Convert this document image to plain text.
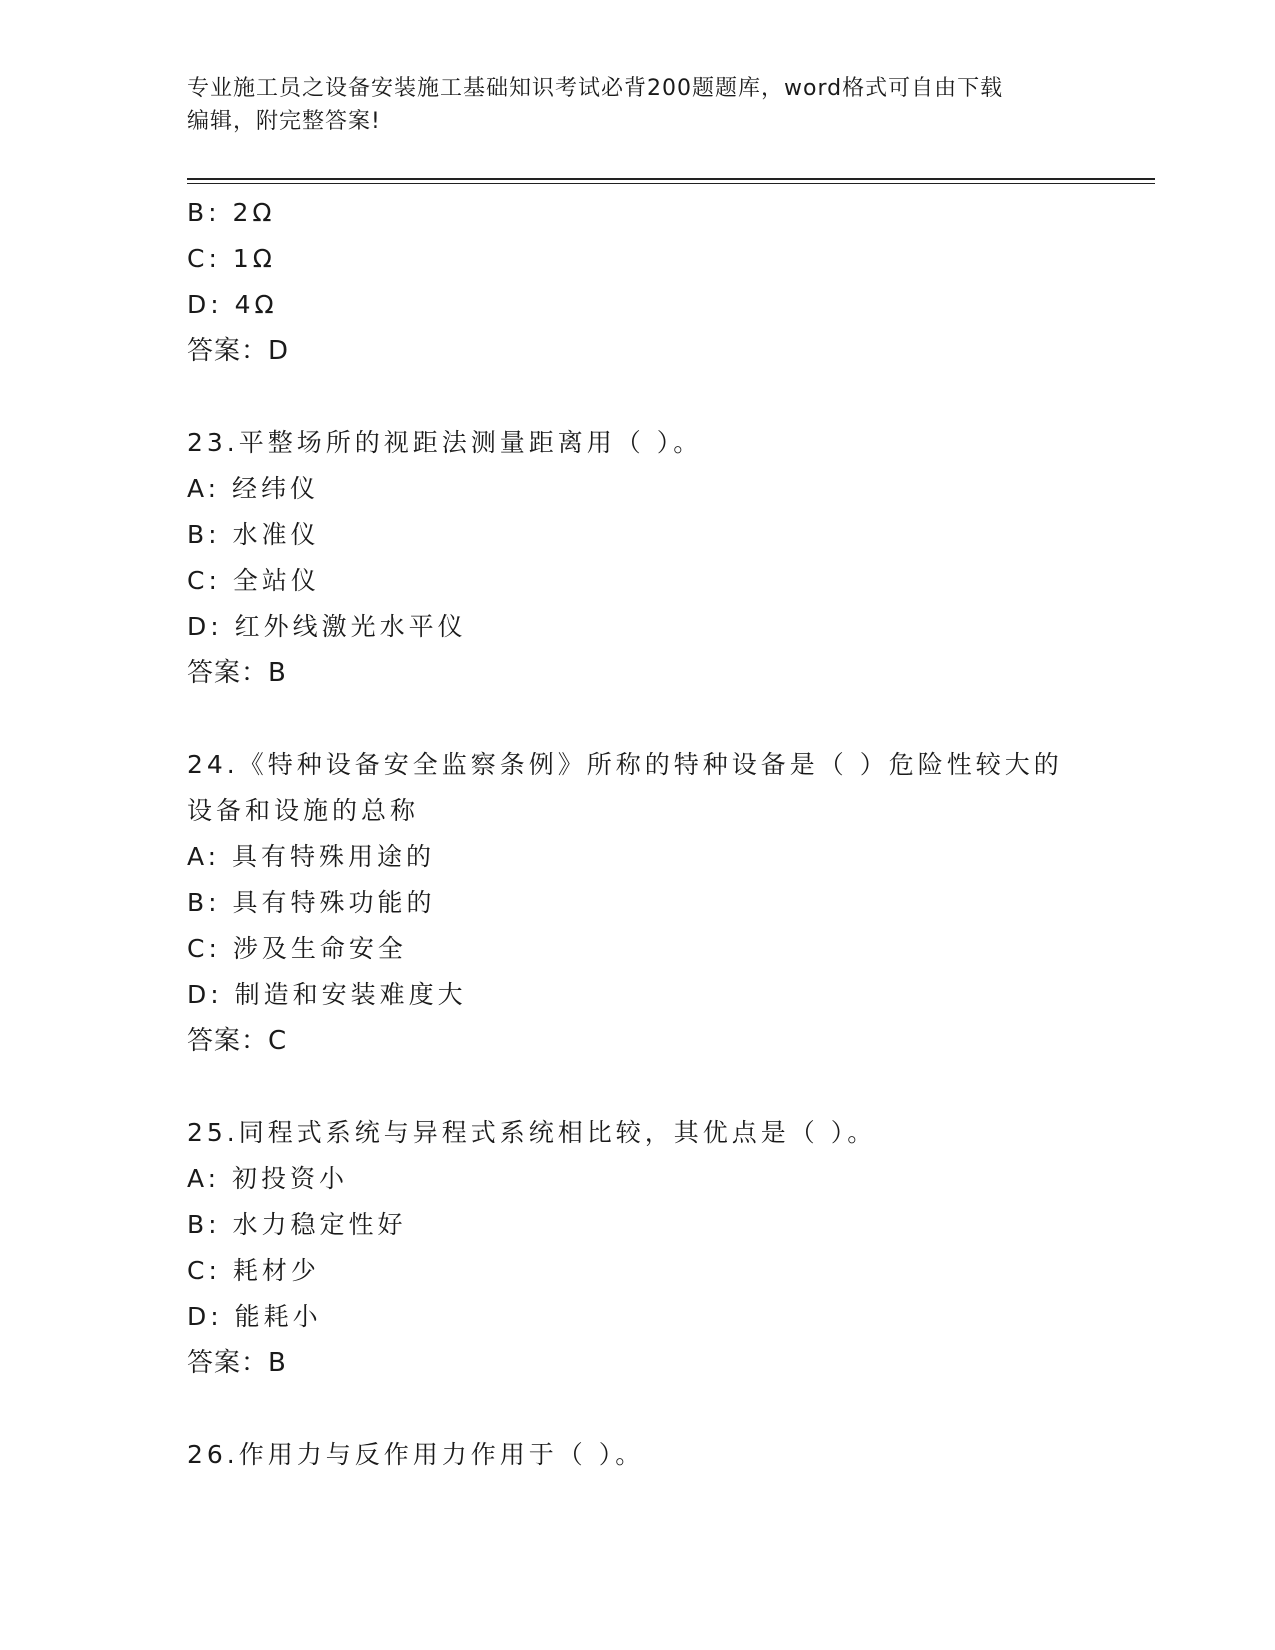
专业施工员之设备安装施工基础知识考试必背200题题库，word格式可自由下载
编辑，附完整答案!
B: 2Ω
C: 1Ω
D: 4Ω
答案：D
23.平整场所的视距法测量距离用（ ）。
A: 经纬仪
B: 水准仪
C: 全站仪
D: 红外线激光水平仪
答案：B
24.《特种设备安全监察条例》所称的特种设备是（ ）危险性较大的
设备和设施的总称
A: 具有特殊用途的
B: 具有特殊功能的
C: 涉及生命安全
D: 制造和安装难度大
答案：C
25.同程式系统与异程式系统相比较，其优点是（ ）。
A: 初投资小
B: 水力稳定性好
C: 耗材少
D: 能耗小
答案：B
26.作用力与反作用力作用于（ ）。
